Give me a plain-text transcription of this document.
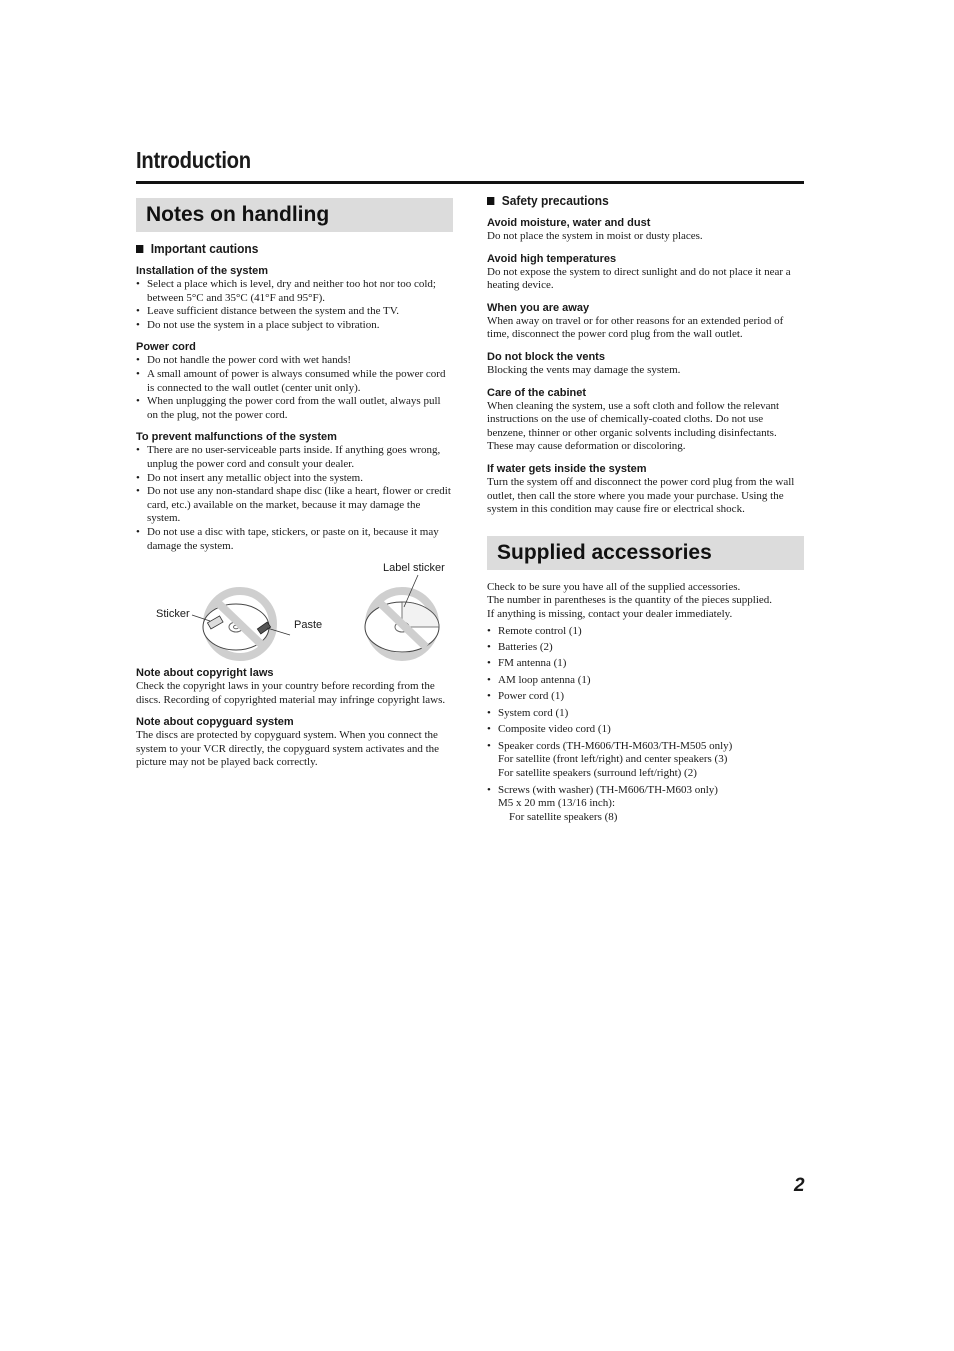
Introduction
Notes on handling
Important cautions
Installation of the system
• Select a place which is level, dry and neither too hot nor too cold; between 5°C and 35°C (41°F and 95°F).
• Leave sufficient distance between the system and the TV.
• Do not use the system in a place subject to vibration.
Power cord
• Do not handle the power cord with wet hands!
• A small amount of power is always consumed while the power cord is connected to the wall outlet (center unit only).
• When unplugging the power cord from the wall outlet, always pull on the plug, not the power cord.
To prevent malfunctions of the system
• There are no user-serviceable parts inside. If anything goes wrong, unplug the power cord and consult your dealer.
• Do not insert any metallic object into the system.
• Do not use any non-standard shape disc (like a heart, flower or credit card, etc.) available on the market, because it may damage the system.
• Do not use a disc with tape, stickers, or paste on it, because it may damage the system.
Label sticker
Sticker
Paste
Note about copyright laws
Check the copyright laws in your country before recording from the discs. Recording of copyrighted material may infringe copyright laws.
Note about copyguard system
The discs are protected by copyguard system. When you connect the system to your VCR directly, the copyguard system activates and the picture may not be played back correctly.
Safety precautions
Avoid moisture, water and dust
Do not place the system in moist or dusty places.
Avoid high temperatures
Do not expose the system to direct sunlight and do not place it near a heating device.
When you are away
When away on travel or for other reasons for an extended period of time, disconnect the power cord plug from the wall outlet.
Do not block the vents
Blocking the vents may damage the system.
Care of the cabinet
When cleaning the system, use a soft cloth and follow the relevant instructions on the use of chemically-coated cloths. Do not use benzene, thinner or other organic solvents including disinfectants. These may cause deformation or discoloring.
If water gets inside the system
Turn the system off and disconnect the power cord plug from the wall outlet, then call the store where you made your purchase. Using the system in this condition may cause fire or electrical shock.
Supplied accessories
Check to be sure you have all of the supplied accessories.
The number in parentheses is the quantity of the pieces supplied.
If anything is missing, contact your dealer immediately.
• Remote control (1)
• Batteries (2)
• FM antenna (1)
• AM loop antenna (1)
• Power cord (1)
• System cord (1)
• Composite video cord (1)
• Speaker cords (TH-M606/TH-M603/TH-M505 only)
For satellite (front left/right) and center speakers (3)
For satellite speakers (surround left/right) (2)
• Screws (with washer) (TH-M606/TH-M603 only)
M5 x 20 mm (13/16 inch):
For satellite speakers (8)
2
